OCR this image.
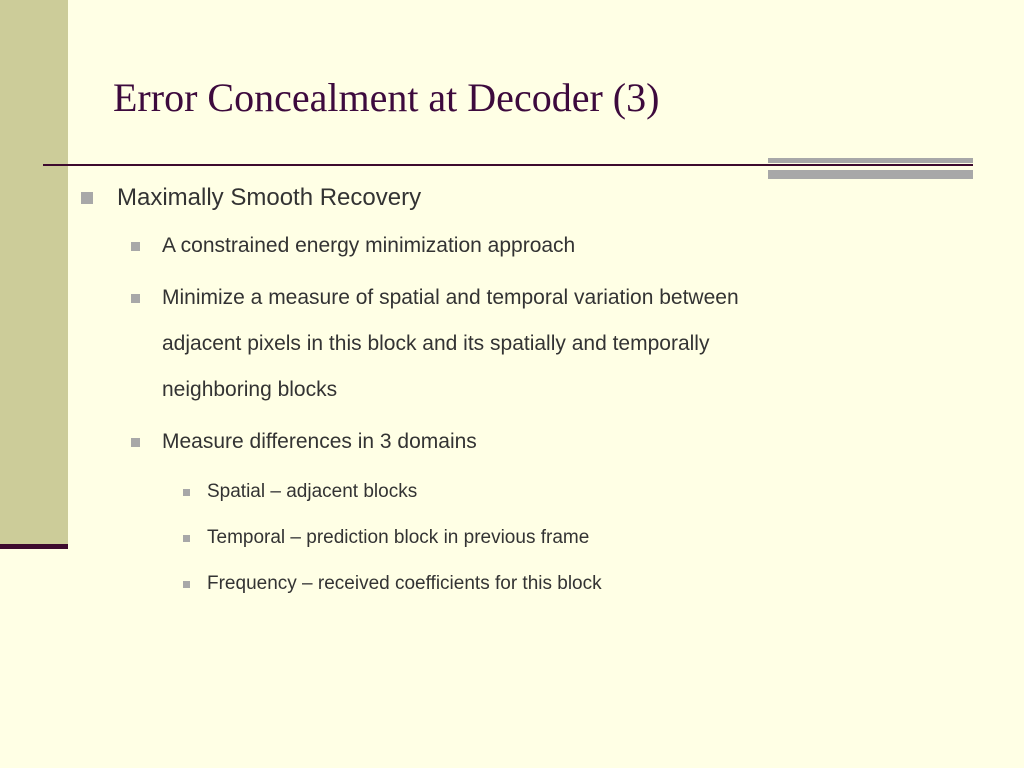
Error Concealment at Decoder (3)
Maximally Smooth Recovery
A constrained energy minimization approach
Minimize a measure of spatial and temporal variation between
adjacent pixels in this block and its spatially and temporally
neighboring blocks
Measure differences in 3 domains
Spatial – adjacent blocks
Temporal – prediction block in previous frame
Frequency – received coefficients for this block
